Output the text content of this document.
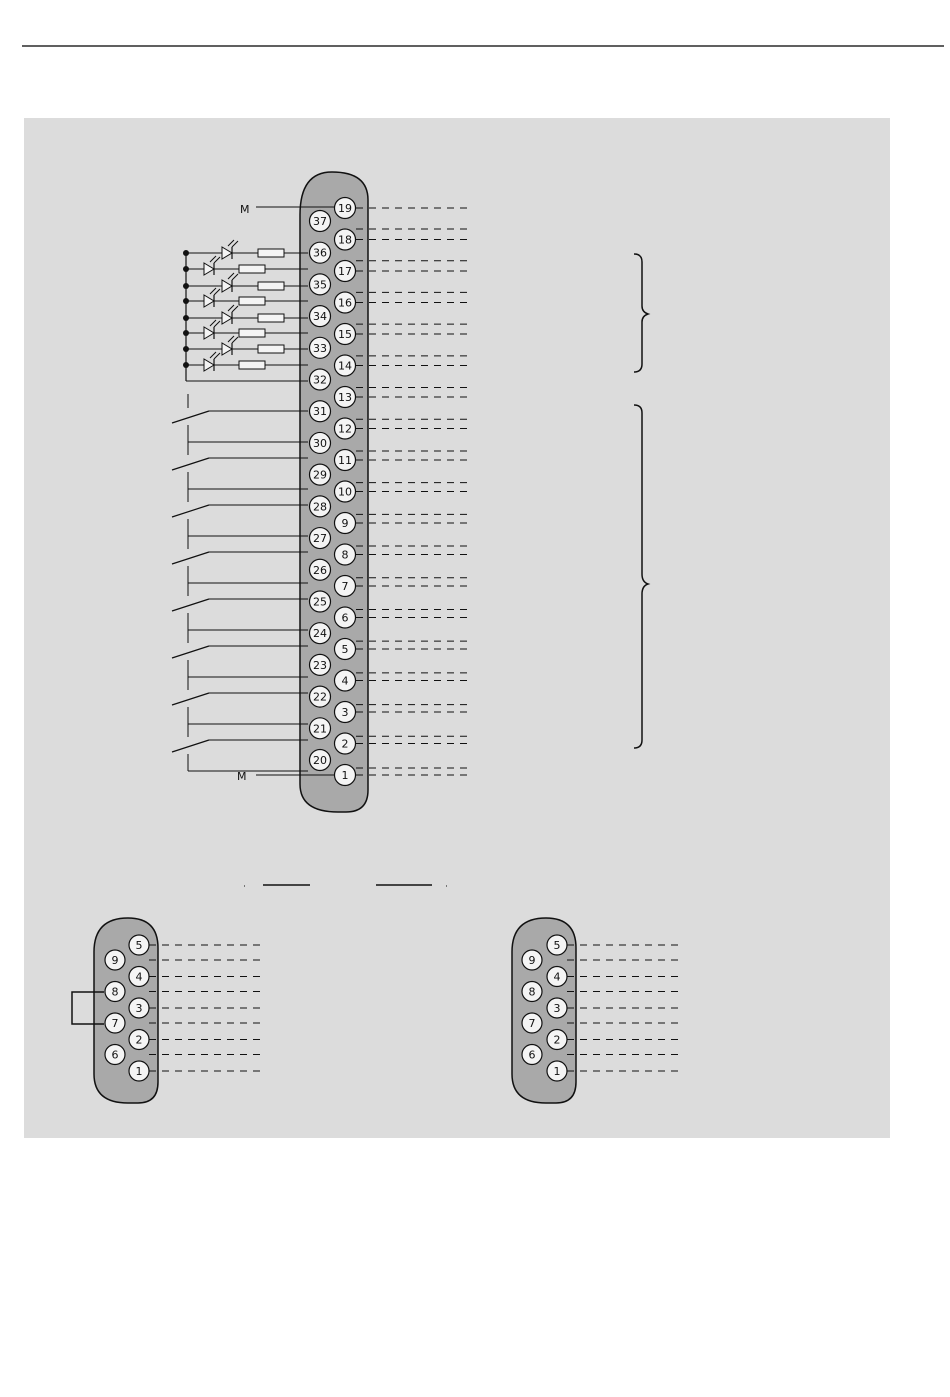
19
18
17
16
15
14
13
12
11
10
9
8
7
6
5
4
3
2
1
37
36
35
34
33
32
31
30
29
28
27
26
25
24
23
22
21
20
M
M
5
4
3
2
1
9
8
7
6
5
4
3
2
1
9
8
7
6
